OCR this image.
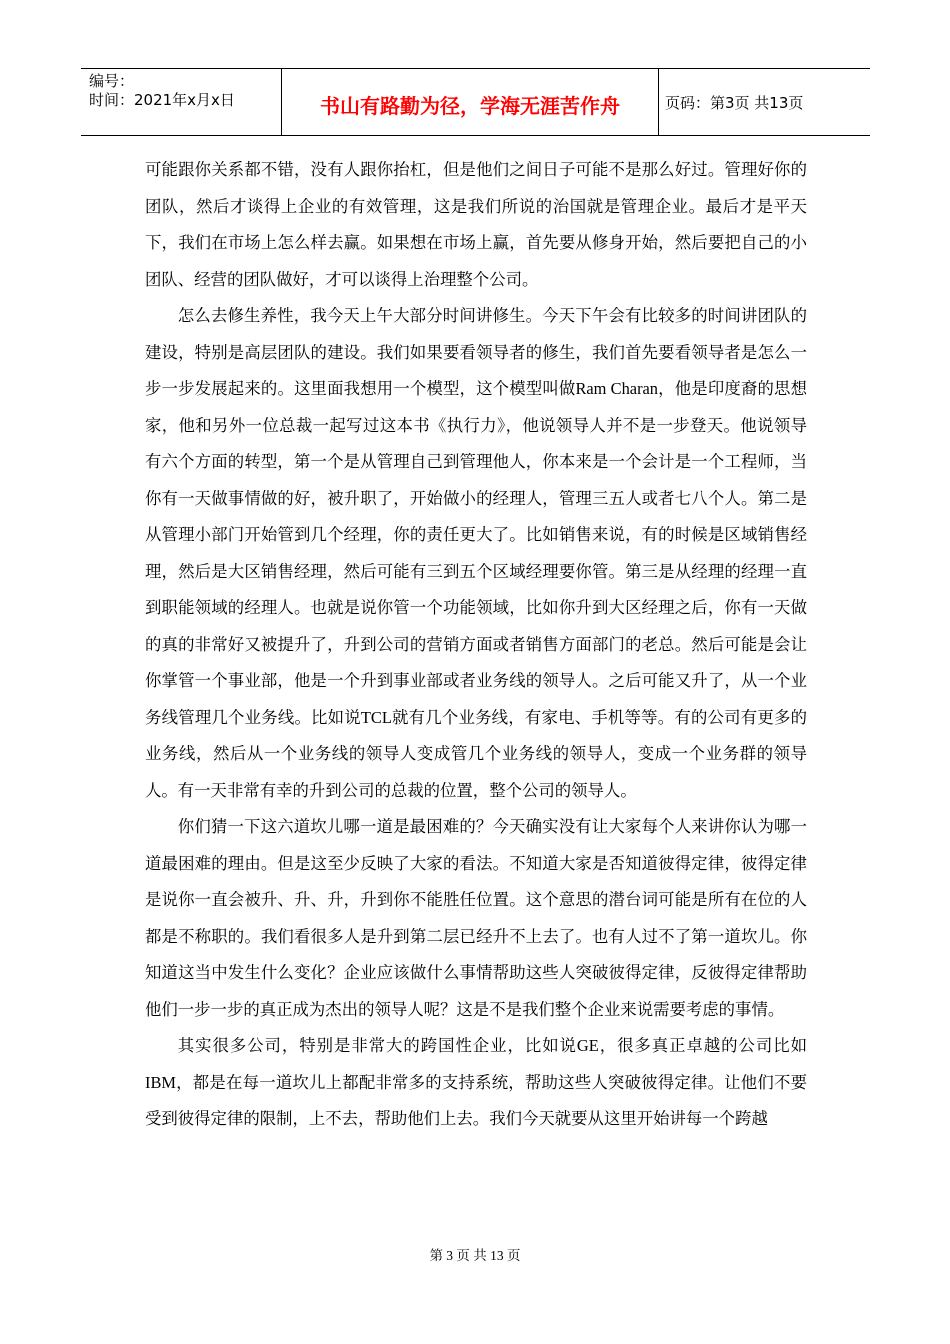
编号：
时间：2021年x月x日	书山有路勤为径，学海无涯苦作舟	页码：第3页 共13页

可能跟你关系都不错，没有人跟你抬杠，但是他们之间日子可能不是那么好过。管理好你的团队，然后才谈得上企业的有效管理，这是我们所说的治国就是管理企业。最后才是平天下，我们在市场上怎么样去赢。如果想在市场上赢，首先要从修身开始，然后要把自己的小团队、经营的团队做好，才可以谈得上治理整个公司。

怎么去修生养性，我今天上午大部分时间讲修生。今天下午会有比较多的时间讲团队的建设，特别是高层团队的建设。我们如果要看领导者的修生，我们首先要看领导者是怎么一步一步发展起来的。这里面我想用一个模型，这个模型叫做Ram Charan，他是印度裔的思想家，他和另外一位总裁一起写过这本书《执行力》，他说领导人并不是一步登天。他说领导有六个方面的转型，第一个是从管理自己到管理他人，你本来是一个会计是一个工程师，当你有一天做事情做的好，被升职了，开始做小的经理人，管理三五人或者七八个人。第二是从管理小部门开始管到几个经理，你的责任更大了。比如销售来说，有的时候是区域销售经理，然后是大区销售经理，然后可能有三到五个区域经理要你管。第三是从经理的经理一直到职能领域的经理人。也就是说你管一个功能领域，比如你升到大区经理之后，你有一天做的真的非常好又被提升了，升到公司的营销方面或者销售方面部门的老总。然后可能是会让你掌管一个事业部，他是一个升到事业部或者业务线的领导人。之后可能又升了，从一个业务线管理几个业务线。比如说TCL就有几个业务线，有家电、手机等等。有的公司有更多的业务线，然后从一个业务线的领导人变成管几个业务线的领导人，变成一个业务群的领导人。有一天非常有幸的升到公司的总裁的位置，整个公司的领导人。

你们猜一下这六道坎儿哪一道是最困难的？今天确实没有让大家每个人来讲你认为哪一道最困难的理由。但是这至少反映了大家的看法。不知道大家是否知道彼得定律，彼得定律是说你一直会被升、升、升，升到你不能胜任位置。这个意思的潜台词可能是所有在位的人都是不称职的。我们看很多人是升到第二层已经升不上去了。也有人过不了第一道坎儿。你知道这当中发生什么变化？企业应该做什么事情帮助这些人突破彼得定律，反彼得定律帮助他们一步一步的真正成为杰出的领导人呢？这是不是我们整个企业来说需要考虑的事情。

其实很多公司，特别是非常大的跨国性企业，比如说GE，很多真正卓越的公司比如IBM，都是在每一道坎儿上都配非常多的支持系统，帮助这些人突破彼得定律。让他们不要受到彼得定律的限制，上不去，帮助他们上去。我们今天就要从这里开始讲每一个跨越

第 3 页 共 13 页
